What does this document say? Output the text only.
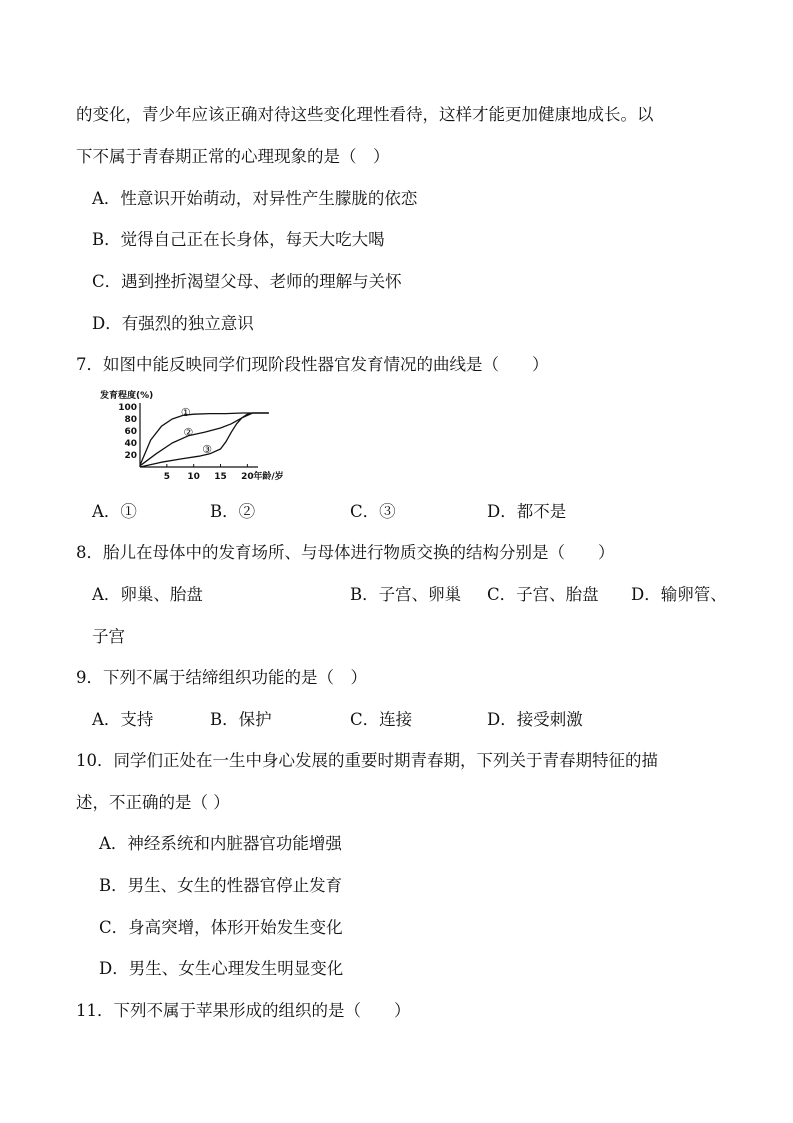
的变化，青少年应该正确对待这些变化理性看待，这样才能更加健康地成长。以
下不属于青春期正常的心理现象的是（　）
A．性意识开始萌动，对异性产生朦胧的依恋
B．觉得自己正在长身体，每天大吃大喝
C．遇到挫折渴望父母、老师的理解与关怀
D．有强烈的独立意识
7．如图中能反映同学们现阶段性器官发育情况的曲线是（　　）
发育程度(%)
20
40
60
80
100
5 10 15 20
①
②
③
年龄/岁
A．①	B．②	C．③	D．都不是
8．胎儿在母体中的发育场所、与母体进行物质交换的结构分别是（　　）
A．卵巢、胎盘	B．子宫、卵巢 C．子宫、胎盘 D．输卵管、
子宫
9．下列不属于结缔组织功能的是（　）
A．支持	B．保护	C．连接	D．接受刺激
10．同学们正处在一生中身心发展的重要时期青春期，下列关于青春期特征的描
述，不正确的是（ ）
A．神经系统和内脏器官功能增强
B．男生、女生的性器官停止发育
C．身高突增，体形开始发生变化
D．男生、女生心理发生明显变化
11．下列不属于苹果形成的组织的是（　　）
